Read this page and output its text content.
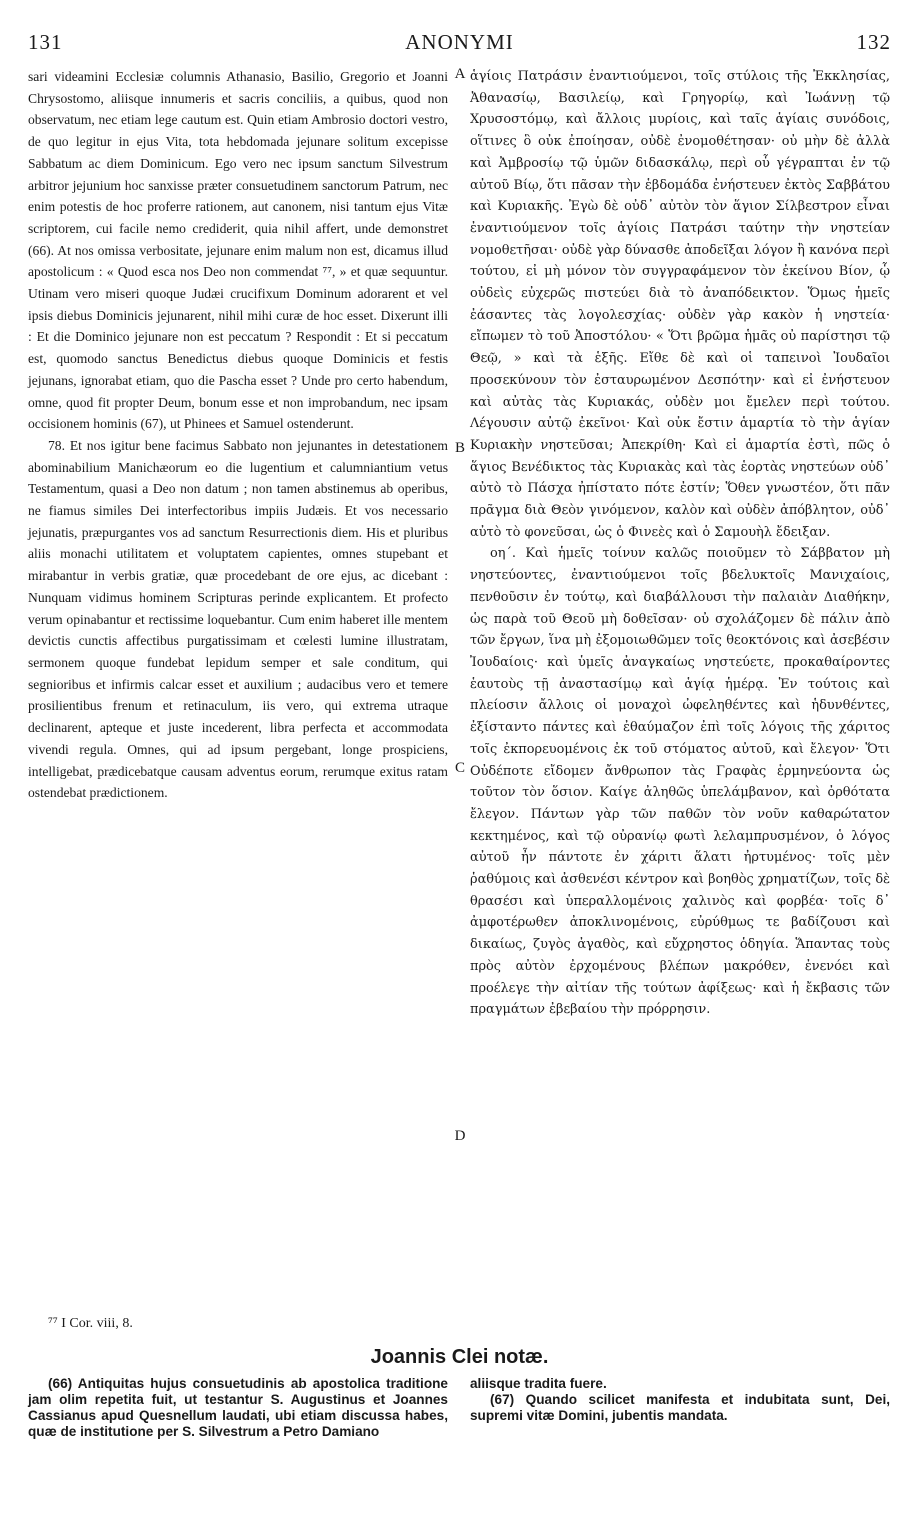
131	ANONYMI	132

sari videamini Ecclesiæ columnis Athanasio, Basilio, Gregorio et Joanni Chrysostomo, aliisque innumeris et sacris conciliis, a quibus, quod non observatum, nec etiam lege cautum est. Quin etiam Ambrosio doctori vestro, de quo legitur in ejus Vita, tota hebdomada jejunare solitum excepisse Sabbatum ac diem Dominicum. Ego vero nec ipsum sanctum Silvestrum arbitror jejunium hoc sanxisse præter consuetudinem sanctorum Patrum, nec enim potestis de hoc proferre rationem, aut canonem, nisi tantum ejus Vitæ scriptorem, cui facile nemo crediderit, quia nihil affert, unde demonstret (66). At nos omissa verbositate, jejunare enim malum non est, dicamus illud apostolicum : « Quod esca nos Deo non commendat ⁷⁷, » et quæ sequuntur. Utinam vero miseri quoque Judæi crucifixum Dominum adorarent et vel ipsis diebus Dominicis jejunarent, nihil mihi curæ de hoc esset. Dixerunt illi : Et die Dominico jejunare non est peccatum ? Respondit : Et si peccatum est, quomodo sanctus Benedictus diebus quoque Dominicis et festis jejunans, ignorabat etiam, quo die Pascha esset ? Unde pro certo habendum, omne, quod fit propter Deum, bonum esse et non improbandum, nec ipsam occisionem hominis (67), ut Phinees et Samuel ostenderunt.

78. Et nos igitur bene facimus Sabbato non jejunantes in detestationem abominabilium Manichæorum eo die lugentium et calumniantium vetus Testamentum, quasi a Deo non datum ; non tamen abstinemus ab operibus, ne fiamus similes Dei interfectoribus impiis Judæis. Et vos necessario jejunatis, præpurgantes vos ad sanctum Resurrectionis diem. His et pluribus aliis monachi utilitatem et voluptatem capientes, omnes stupebant et mirabantur in verbis gratiæ, quæ procedebant de ore ejus, ac dicebant : Nunquam vidimus hominem Scripturas perinde explicantem. Et profecto verum opinabantur et rectissime loquebantur. Cum enim haberet ille mentem devictis cunctis affectibus purgatissimam et cœlesti lumine illustratam, sermonem quoque fundebat lepidum semper et sale conditum, qui segnioribus et infirmis calcar esset et auxilium ; audacibus vero et temere prosilientibus frenum et retinaculum, iis vero, qui extrema utraque declinarent, apteque et juste incederent, libra perfecta et accommodata vivendi regula. Omnes, qui ad ipsum pergebant, longe prospiciens, intelligebat, prædicebatque causam adventus eorum, rerumque exitus ratam ostendebat prædictionem.

A
B
C
D

ἁγίοις Πατράσιν ἐναντιούμενοι, τοῖς στύλοις τῆς Ἐκκλησίας, Ἀθανασίῳ, Βασιλείῳ, καὶ Γρηγορίῳ, καὶ Ἰωάννῃ τῷ Χρυσοστόμῳ, καὶ ἄλλοις μυρίοις, καὶ ταῖς ἁγίαις συνόδοις, οἵτινες ὃ οὐκ ἐποίησαν, οὐδὲ ἐνομοθέτησαν· οὐ μὴν δὲ ἀλλὰ καὶ Ἀμβροσίῳ τῷ ὑμῶν διδασκάλῳ, περὶ οὗ γέγραπται ἐν τῷ αὐτοῦ Βίῳ, ὅτι πᾶσαν τὴν ἑβδομάδα ἐνήστευεν ἐκτὸς Σαββάτου καὶ Κυριακῆς. Ἐγὼ δὲ οὐδ᾽ αὐτὸν τὸν ἅγιον Σίλβεστρον εἶναι ἐναντιούμενον τοῖς ἁγίοις Πατράσι ταύτην τὴν νηστείαν νομοθετῆσαι· οὐδὲ γὰρ δύνασθε ἀποδεῖξαι λόγον ἢ κανόνα περὶ τούτου, εἰ μὴ μόνον τὸν συγγραφάμενον τὸν ἐκείνου Βίον, ᾧ οὐδεὶς εὐχερῶς πιστεύει διὰ τὸ ἀναπόδεικτον. Ὅμως ἡμεῖς ἐάσαντες τὰς λογολεσχίας· οὐδὲν γὰρ κακὸν ἡ νηστεία· εἴπωμεν τὸ τοῦ Ἀποστόλου· « Ὅτι βρῶμα ἡμᾶς οὐ παρίστησι τῷ Θεῷ, » καὶ τὰ ἑξῆς. Εἴθε δὲ καὶ οἱ ταπεινοὶ Ἰουδαῖοι προσεκύνουν τὸν ἐσταυρωμένον Δεσπότην· καὶ εἰ ἐνήστευον καὶ αὐτὰς τὰς Κυριακάς, οὐδὲν μοι ἔμελεν περὶ τούτου. Λέγουσιν αὐτῷ ἐκεῖνοι· Καὶ οὐκ ἔστιν ἁμαρτία τὸ τὴν ἁγίαν Κυριακὴν νηστεῦσαι; Ἀπεκρίθη· Καὶ εἰ ἁμαρτία ἐστὶ, πῶς ὁ ἅγιος Βενέδικτος τὰς Κυριακὰς καὶ τὰς ἑορτὰς νηστεύων οὐδ᾽ αὐτὸ τὸ Πάσχα ἠπίστατο πότε ἐστίν; Ὅθεν γνωστέον, ὅτι πᾶν πρᾶγμα διὰ Θεὸν γινόμενον, καλὸν καὶ οὐδὲν ἀπόβλητον, οὐδ᾽ αὐτὸ τὸ φονεῦσαι, ὡς ὁ Φινεὲς καὶ ὁ Σαμουὴλ ἔδειξαν.

οη΄. Καὶ ἡμεῖς τοίνυν καλῶς ποιοῦμεν τὸ Σάββατον μὴ νηστεύοντες, ἐναντιούμενοι τοῖς βδελυκτοῖς Μανιχαίοις, πενθοῦσιν ἐν τούτῳ, καὶ διαβάλλουσι τὴν παλαιὰν Διαθήκην, ὡς παρὰ τοῦ Θεοῦ μὴ δοθεῖσαν· οὐ σχολάζομεν δὲ πάλιν ἀπὸ τῶν ἔργων, ἵνα μὴ ἐξομοιωθῶμεν τοῖς θεοκτόνοις καὶ ἀσεβέσιν Ἰουδαίοις· καὶ ὑμεῖς ἀναγκαίως νηστεύετε, προκαθαίροντες ἑαυτοὺς τῇ ἀναστασίμῳ καὶ ἁγίᾳ ἡμέρᾳ. Ἐν τούτοις καὶ πλείοσιν ἄλλοις οἱ μοναχοὶ ὠφεληθέντες καὶ ἡδυνθέντες, ἐξίσταντο πάντες καὶ ἐθαύμαζον ἐπὶ τοῖς λόγοις τῆς χάριτος τοῖς ἐκπορευομένοις ἐκ τοῦ στόματος αὐτοῦ, καὶ ἔλεγον· Ὅτι Οὐδέποτε εἴδομεν ἄνθρωπον τὰς Γραφὰς ἑρμηνεύοντα ὡς τοῦτον τὸν ὅσιον. Καίγε ἀληθῶς ὑπελάμβανον, καὶ ὀρθότατα ἔλεγον. Πάντων γὰρ τῶν παθῶν τὸν νοῦν καθαρώτατον κεκτημένος, καὶ τῷ οὐρανίῳ φωτὶ λελαμπρυσμένον, ὁ λόγος αὐτοῦ ἦν πάντοτε ἐν χάριτι ἅλατι ἠρτυμένος· τοῖς μὲν ῥαθύμοις καὶ ἀσθενέσι κέντρον καὶ βοηθὸς χρηματίζων, τοῖς δὲ θρασέσι καὶ ὑπεραλλομένοις χαλινὸς καὶ φορβέα· τοῖς δ᾽ ἀμφοτέρωθεν ἀποκλινομένοις, εὐρύθμως τε βαδίζουσι καὶ δικαίως, ζυγὸς ἀγαθὸς, καὶ εὔχρηστος ὁδηγία. Ἅπαντας τοὺς πρὸς αὐτὸν ἐρχομένους βλέπων μακρόθεν, ἐνενόει καὶ προέλεγε τὴν αἰτίαν τῆς τούτων ἀφίξεως· καὶ ἡ ἔκβασις τῶν πραγμάτων ἐβεβαίου τὴν πρόρρησιν.

⁷⁷ I Cor. viii, 8.
Joannis Clei notæ.

(66) Antiquitas hujus consuetudinis ab apostolica traditione jam olim repetita fuit, ut testantur S. Augustinus et Joannes Cassianus apud Quesnellum laudati, ubi etiam discussa habes, quæ de institutione per S. Silvestrum a Petro Damiano

aliisque tradita fuere.

(67) Quando scilicet manifesta et indubitata sunt, Dei, supremi vitæ Domini, jubentis mandata.
